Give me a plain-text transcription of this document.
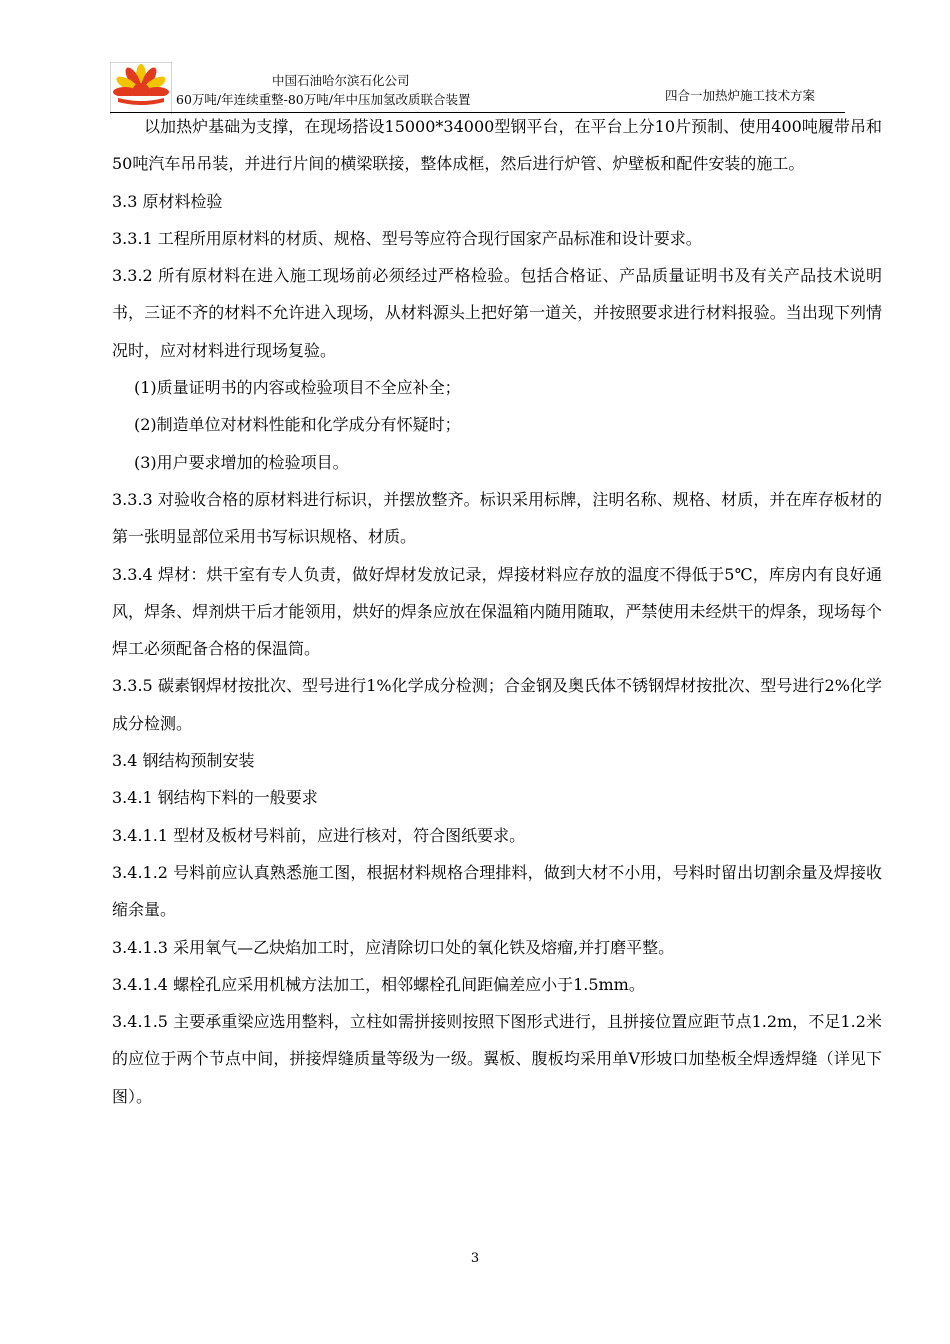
中国石油哈尔滨石化公司
60万吨/年连续重整-80万吨/年中压加氢改质联合装置	四合一加热炉施工技术方案

以加热炉基础为支撑，在现场搭设15000*34000型钢平台，在平台上分10片预制、使用400吨履带吊和50吨汽车吊吊装，并进行片间的横梁联接，整体成框，然后进行炉管、炉壁板和配件安装的施工。

3.3 原材料检验

3.3.1 工程所用原材料的材质、规格、型号等应符合现行国家产品标准和设计要求。

3.3.2 所有原材料在进入施工现场前必须经过严格检验。包括合格证、产品质量证明书及有关产品技术说明书，三证不齐的材料不允许进入现场，从材料源头上把好第一道关，并按照要求进行材料报验。当出现下列情况时，应对材料进行现场复验。

(1)质量证明书的内容或检验项目不全应补全；

(2)制造单位对材料性能和化学成分有怀疑时；

(3)用户要求增加的检验项目。

3.3.3 对验收合格的原材料进行标识，并摆放整齐。标识采用标牌，注明名称、规格、材质，并在库存板材的第一张明显部位采用书写标识规格、材质。

3.3.4 焊材：烘干室有专人负责，做好焊材发放记录，焊接材料应存放的温度不得低于5℃，库房内有良好通风，焊条、焊剂烘干后才能领用，烘好的焊条应放在保温箱内随用随取，严禁使用未经烘干的焊条，现场每个焊工必须配备合格的保温筒。

3.3.5 碳素钢焊材按批次、型号进行1%化学成分检测；合金钢及奥氏体不锈钢焊材按批次、型号进行2%化学成分检测。

3.4 钢结构预制安装

3.4.1 钢结构下料的一般要求

3.4.1.1 型材及板材号料前，应进行核对，符合图纸要求。

3.4.1.2 号料前应认真熟悉施工图，根据材料规格合理排料，做到大材不小用，号料时留出切割余量及焊接收缩余量。

3.4.1.3 采用氧气—乙炔焰加工时，应清除切口处的氧化铁及熔瘤,并打磨平整。

3.4.1.4 螺栓孔应采用机械方法加工，相邻螺栓孔间距偏差应小于1.5mm。

3.4.1.5 主要承重梁应选用整料，立柱如需拼接则按照下图形式进行，且拼接位置应距节点1.2m，不足1.2米的应位于两个节点中间，拼接焊缝质量等级为一级。翼板、腹板均采用单V形坡口加垫板全焊透焊缝（详见下图）。

3
